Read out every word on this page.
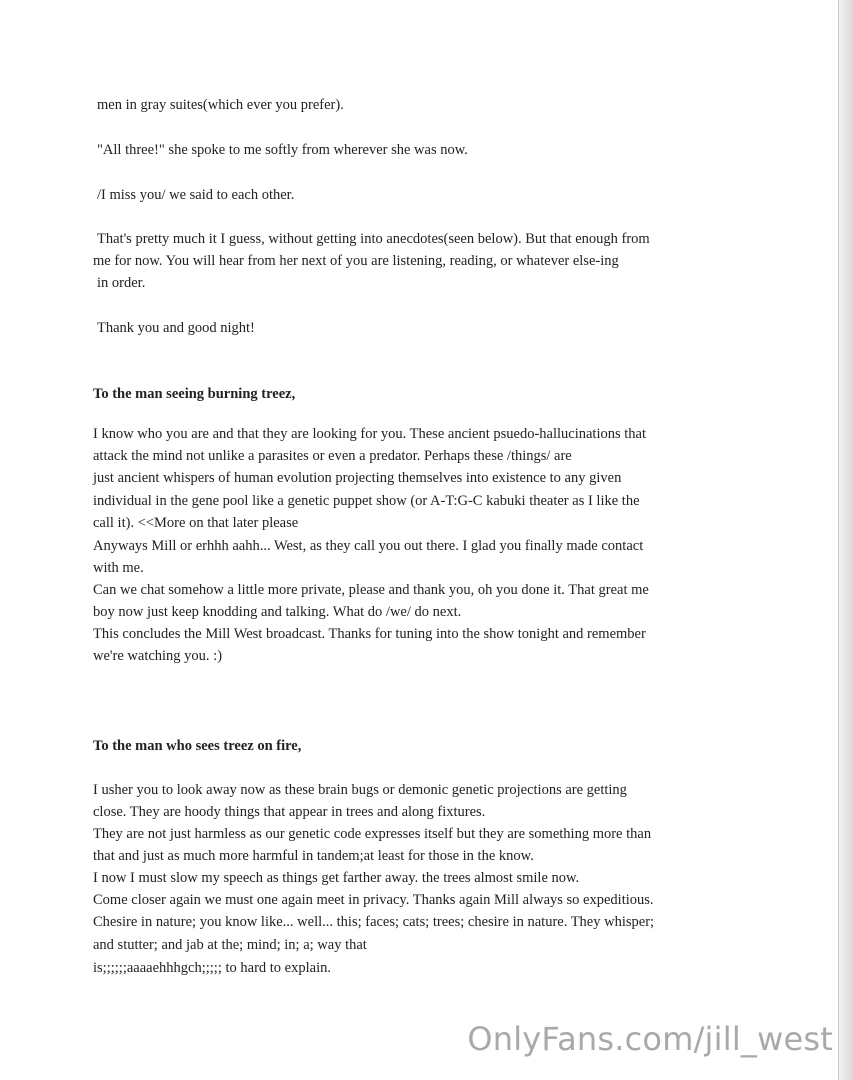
men in gray suites(which ever you prefer).
"All three!" she spoke to me softly from wherever she was now.
/I miss you/ we said to each other.
That's pretty much it I guess, without getting into anecdotes(seen below). But that enough from
me for now. You will hear from her next of you are listening, reading, or whatever else-ing
in order.
Thank you and good night!
To the man seeing burning treez,
I know who you are and that they are looking for you. These ancient psuedo-hallucinations that
attack the mind not unlike a parasites or even a predator. Perhaps these /things/ are
just ancient whispers of human evolution projecting themselves into existence to any given
individual in the gene pool like a genetic puppet show (or A-T:G-C kabuki theater as I like the
call it). <<More on that later please
Anyways Mill or erhhh aahh... West, as they call you out there. I glad you finally made contact
with me.
Can we chat somehow a little more private, please and thank you, oh you done it. That great me
boy now just keep knodding and talking. What do /we/ do next.
This concludes the Mill West broadcast. Thanks for tuning into the show tonight and remember
we're watching you. :)
To the man who sees treez on fire,
I usher you to look away now as these brain bugs or demonic genetic projections are getting
close. They are hoody things that appear in trees and along fixtures.
They are not just harmless as our genetic code expresses itself but they are something more than
that and just as much more harmful in tandem;at least for those in the know.
I now I must slow my speech as things get farther away. the trees almost smile now.
Come closer again we must one again meet in privacy. Thanks again Mill always so expeditious.
Chesire in nature; you know like... well... this; faces; cats; trees; chesire in nature. They whisper;
and stutter; and jab at the; mind; in; a; way that
is;;;;;;aaaaehhhgch;;;;; to hard to explain.
OnlyFans.com/jill_west
